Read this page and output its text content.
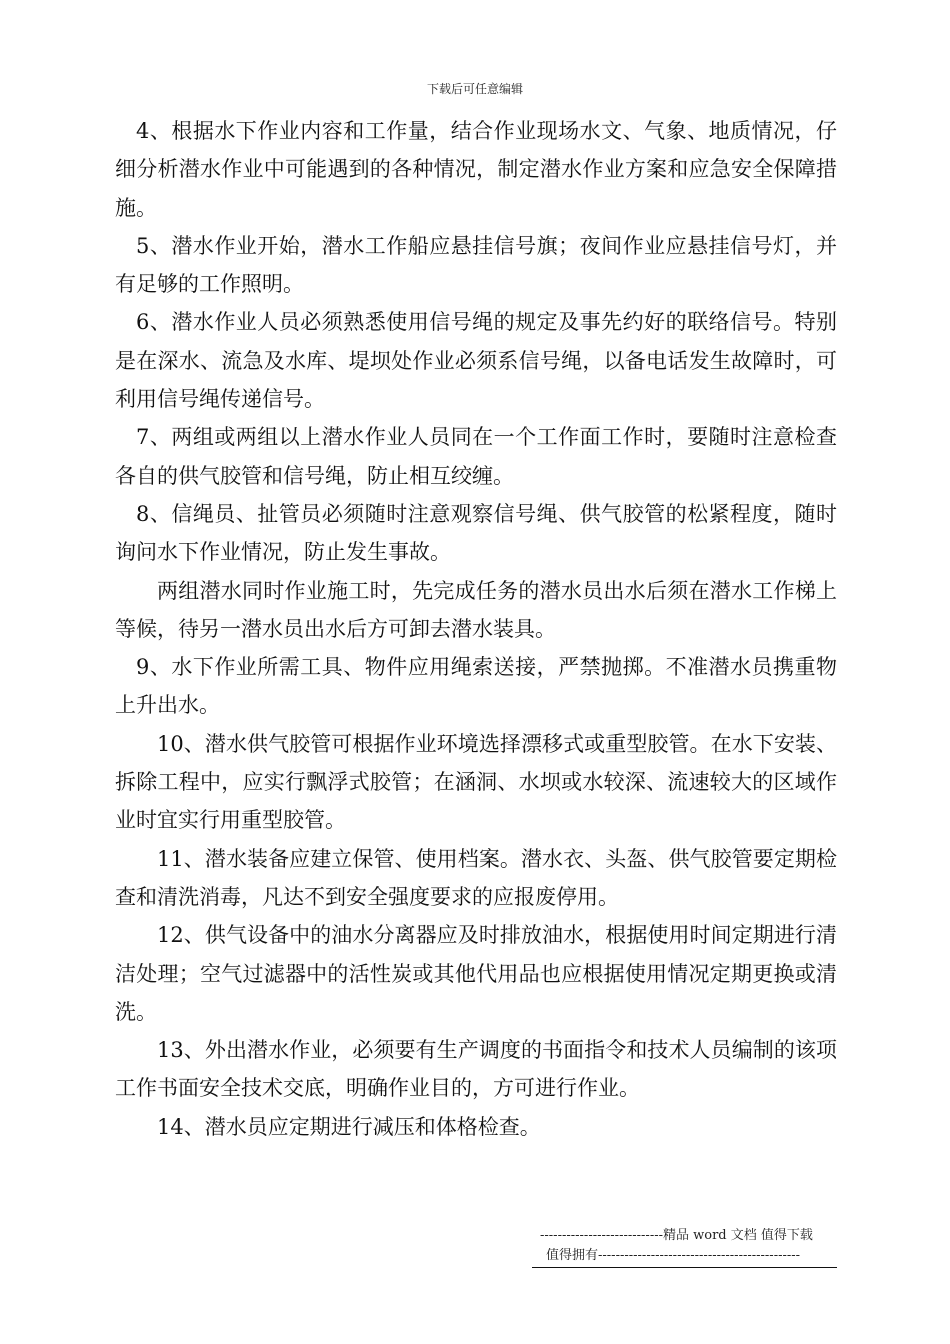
下载后可任意编辑

4、根据水下作业内容和工作量，结合作业现场水文、气象、地质情况，仔细分析潜水作业中可能遇到的各种情况，制定潜水作业方案和应急安全保障措施。

5、潜水作业开始，潜水工作船应悬挂信号旗；夜间作业应悬挂信号灯，并有足够的工作照明。

6、潜水作业人员必须熟悉使用信号绳的规定及事先约好的联络信号。特别是在深水、流急及水库、堤坝处作业必须系信号绳，以备电话发生故障时，可利用信号绳传递信号。

7、两组或两组以上潜水作业人员同在一个工作面工作时，要随时注意检查各自的供气胶管和信号绳，防止相互绞缠。

8、信绳员、扯管员必须随时注意观察信号绳、供气胶管的松紧程度，随时询问水下作业情况，防止发生事故。

两组潜水同时作业施工时，先完成任务的潜水员出水后须在潜水工作梯上等候，待另一潜水员出水后方可卸去潜水装具。

9、水下作业所需工具、物件应用绳索送接，严禁抛掷。不准潜水员携重物上升出水。

10、潜水供气胶管可根据作业环境选择漂移式或重型胶管。在水下安装、拆除工程中，应实行飘浮式胶管；在涵洞、水坝或水较深、流速较大的区域作业时宜实行用重型胶管。

11、潜水装备应建立保管、使用档案。潜水衣、头盔、供气胶管要定期检查和清洗消毒，凡达不到安全强度要求的应报废停用。

12、供气设备中的油水分离器应及时排放油水，根据使用时间定期进行清洁处理；空气过滤器中的活性炭或其他代用品也应根据使用情况定期更换或清洗。

13、外出潜水作业，必须要有生产调度的书面指令和技术人员编制的该项工作书面安全技术交底，明确作业目的，方可进行作业。

14、潜水员应定期进行减压和体格检查。

----------------------------精品 word 文档 值得下载
值得拥有----------------------------------------------
